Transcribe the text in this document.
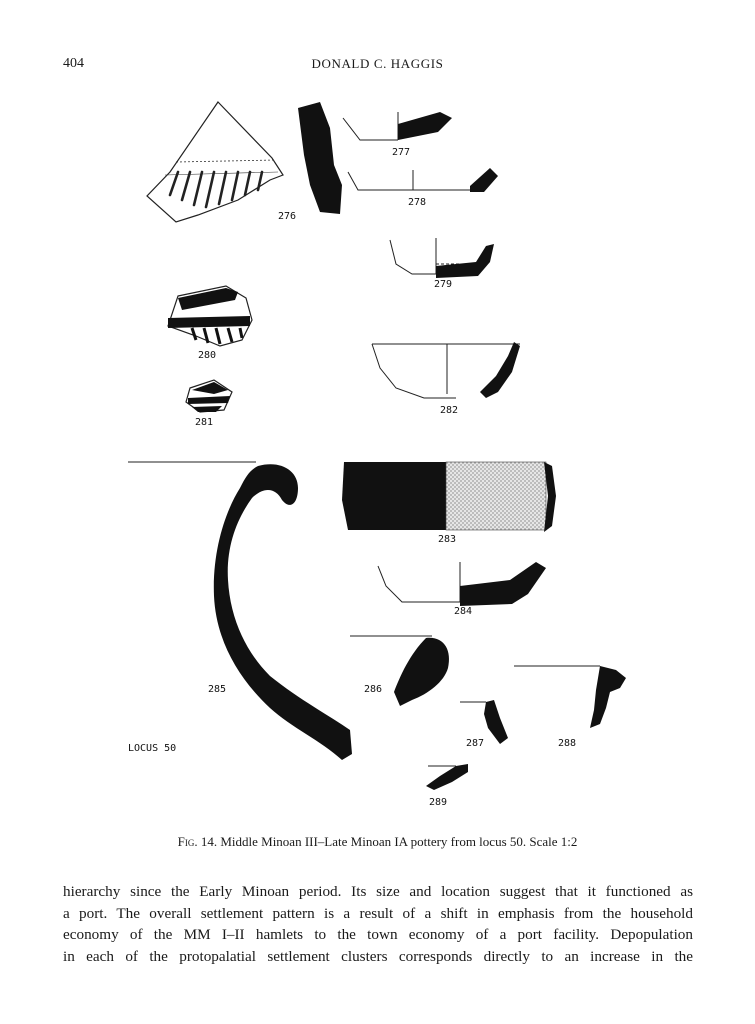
404	DONALD C. HAGGIS
276
277
278
279
280
281
282
283
284
285	286
287	288
289
LOCUS 50
Fig. 14. Middle Minoan III–Late Minoan IA pottery from locus 50. Scale 1:2
hierarchy since the Early Minoan period. Its size and location suggest that it functioned as
a port. The overall settlement pattern is a result of a shift in emphasis from the household
economy of the MM I–II hamlets to the town economy of a port facility. Depopulation
in each of the protopalatial settlement clusters corresponds directly to an increase in the
